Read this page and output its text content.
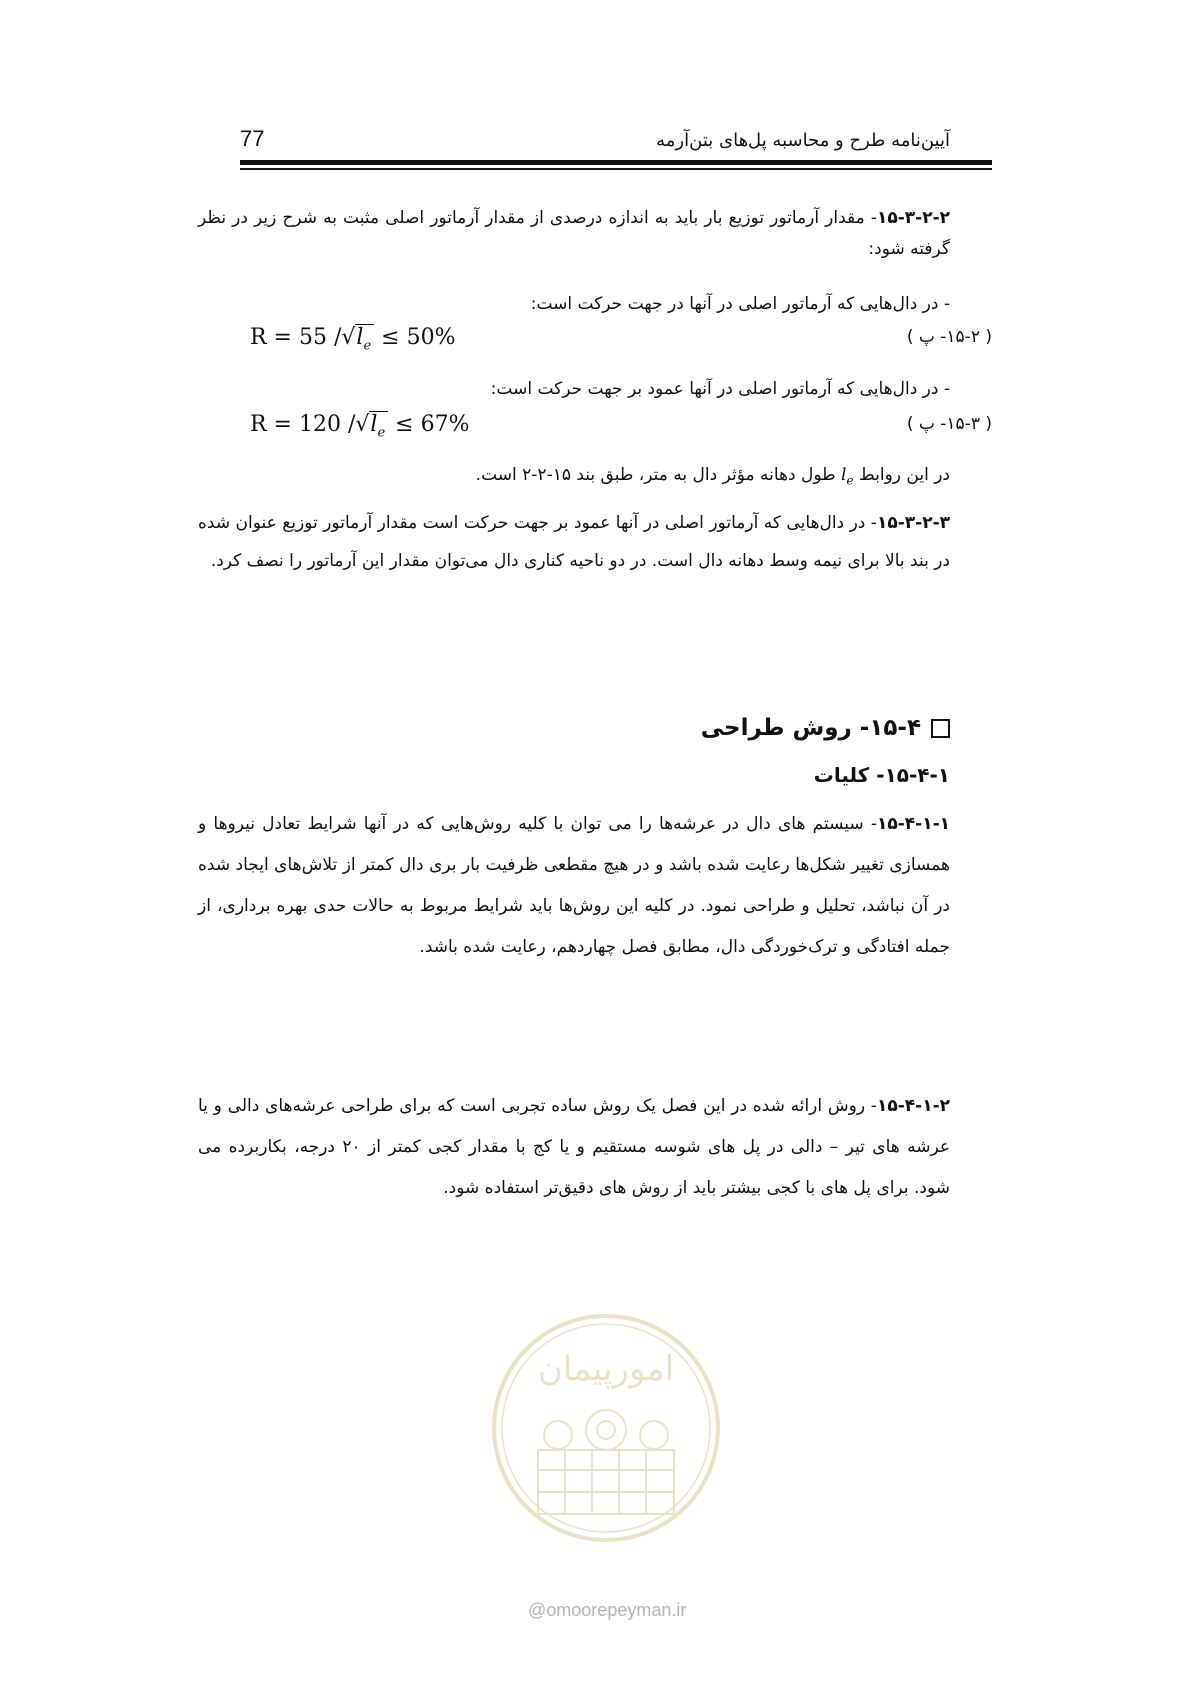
77	آیین‌نامه طرح و محاسبه پل‌های بتن‌آرمه
۱۵-۳-۲-۲- مقدار آرماتور توزیع بار باید به اندازه درصدی از مقدار آرماتور اصلی مثبت به شرح زیر در نظر گرفته شود:
- در دال‌هایی که آرماتور اصلی در آنها در جهت حرکت است:
R = 55 $/√l_e \le 50\%$	( ۱۵-۲- پ )
- در دال‌هایی که آرماتور اصلی در آنها عمود بر جهت حرکت است:
R = 120 $/√l_e \le 67\%$	( ۱۵-۳- پ )
در این روابط $l_e$ طول دهانه مؤثر دال به متر، طبق بند ۱۵-۲-۲ است.
۱۵-۳-۲-۳- در دال‌هایی که آرماتور اصلی در آنها عمود بر جهت حرکت است مقدار آرماتور توزیع عنوان شده در بند بالا برای نیمه وسط دهانه دال است. در دو ناحیه کناری دال می‌توان مقدار این آرماتور را نصف کرد.
۱۵-۴- روش طراحی
۱۵-۴-۱- کلیات
۱۵-۴-۱-۱- سیستم های دال در عرشه‌ها را می توان با کلیه روش‌هایی که در آنها شرایط تعادل نیروها و همسازی تغییر شکل‌ها رعایت شده باشد و در هیچ مقطعی ظرفیت بار بری دال کمتر از تلاش‌های ایجاد شده در آن نباشد، تحلیل و طراحی نمود. در کلیه این روش‌ها باید شرایط مربوط به حالات حدی بهره برداری، از جمله افتادگی و ترک‌خوردگی دال، مطابق فصل چهاردهم، رعایت شده باشد.
۱۵-۴-۱-۲- روش ارائه شده در این فصل یک روش ساده تجربی است که برای طراحی عرشه‌های دالی و یا عرشه های تیر – دالی در پل های شوسه مستقیم و یا کج با مقدار کجی کمتر از ۲۰ درجه، بکاربرده می شود. برای پل های با کجی بیشتر باید از روش های دقیق‌تر استفاده شود.
امورپیمان
@omoorepeyman.ir
